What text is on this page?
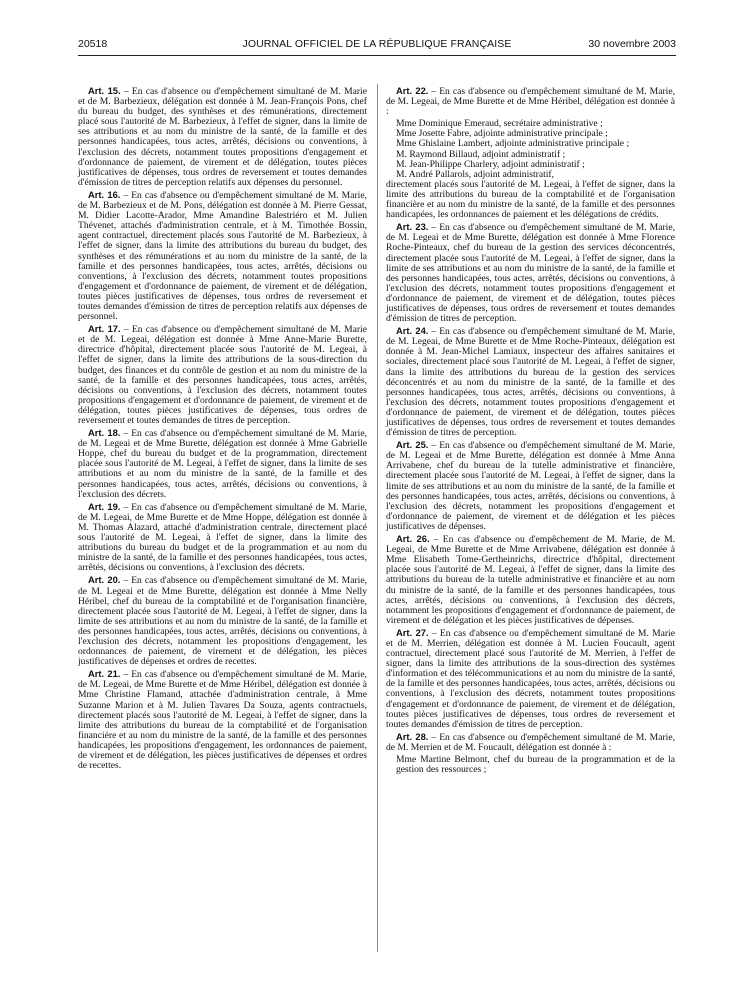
20518	JOURNAL OFFICIEL DE LA RÉPUBLIQUE FRANÇAISE	30 novembre 2003

Art. 15. – En cas d'absence ou d'empêchement simultané de M. Marie et de M. Barbezieux, délégation est donnée à M. Jean-François Pons, chef du bureau du budget, des synthèses et des rémunérations, directement placé sous l'autorité de M. Barbezieux, à l'effet de signer, dans la limite de ses attributions et au nom du ministre de la santé, de la famille et des personnes handicapées, tous actes, arrêtés, décisions ou conventions, à l'exclusion des décrets, notamment toutes propositions d'engagement et d'ordonnance de paiement, de virement et de délégation, toutes pièces justificatives de dépenses, tous ordres de reversement et toutes demandes d'émission de titres de perception relatifs aux dépenses du personnel.

Art. 16. – En cas d'absence ou d'empêchement simultané de M. Marie, de M. Barbezieux et de M. Pons, délégation est donnée à M. Pierre Gessat, M. Didier Lacotte-Arador, Mme Amandine Balestriéro et M. Julien Thévenet, attachés d'administration centrale, et à M. Timothée Bossin, agent contractuel, directement placés sous l'autorité de M. Barbezieux, à l'effet de signer, dans la limite des attributions du bureau du budget, des synthèses et des rémunérations et au nom du ministre de la santé, de la famille et des personnes handicapées, tous actes, arrêtés, décisions ou conventions, à l'exclusion des décrets, notamment toutes propositions d'engagement et d'ordonnance de paiement, de virement et de délégation, toutes pièces justificatives de dépenses, tous ordres de reversement et toutes demandes d'émission de titres de perception relatifs aux dépenses de personnel.

Art. 17. – En cas d'absence ou d'empêchement simultané de M. Marie et de M. Legeai, délégation est donnée à Mme Anne-Marie Burette, directrice d'hôpital, directement placée sous l'autorité de M. Legeai, à l'effet de signer, dans la limite des attributions de la sous-direction du budget, des finances et du contrôle de gestion et au nom du ministre de la santé, de la famille et des personnes handicapées, tous actes, arrêtés, décisions ou conventions, à l'exclusion des décrets, notamment toutes propositions d'engagement et d'ordonnance de paiement, de virement et de délégation, toutes pièces justificatives de dépenses, tous ordres de reversement et toutes demandes de titres de perception.

Art. 18. – En cas d'absence ou d'empêchement simultané de M. Marie, de M. Legeai et de Mme Burette, délégation est donnée à Mme Gabrielle Hoppe, chef du bureau du budget et de la programmation, directement placée sous l'autorité de M. Legeai, à l'effet de signer, dans la limite de ses attributions et au nom du ministre de la santé, de la famille et des personnes handicapées, tous actes, arrêtés, décisions ou conventions, à l'exclusion des décrets.

Art. 19. – En cas d'absence ou d'empêchement simultané de M. Marie, de M. Legeai, de Mme Burette et de Mme Hoppe, délégation est donnée à M. Thomas Alazard, attaché d'administration centrale, directement placé sous l'autorité de M. Legeai, à l'effet de signer, dans la limite des attributions du bureau du budget et de la programmation et au nom du ministre de la santé, de la famille et des personnes handicapées, tous actes, arrêtés, décisions ou conventions, à l'exclusion des décrets.

Art. 20. – En cas d'absence ou d'empêchement simultané de M. Marie, de M. Legeai et de Mme Burette, délégation est donnée à Mme Nelly Héribel, chef du bureau de la comptabilité et de l'organisation financière, directement placée sous l'autorité de M. Legeai, à l'effet de signer, dans la limite de ses attributions et au nom du ministre de la santé, de la famille et des personnes handicapées, tous actes, arrêtés, décisions ou conventions, à l'exclusion des décrets, notamment les propositions d'engagement, les ordonnances de paiement, de virement et de délégation, les pièces justificatives de dépenses et ordres de recettes.

Art. 21. – En cas d'absence ou d'empêchement simultané de M. Marie, de M. Legeai, de Mme Burette et de Mme Héribel, délégation est donnée à Mme Christine Flamand, attachée d'administration centrale, à Mme Suzanne Marion et à M. Julien Tavares Da Souza, agents contractuels, directement placés sous l'autorité de M. Legeai, à l'effet de signer, dans la limite des attributions du bureau de la comptabilité et de l'organisation financière et au nom du ministre de la santé, de la famille et des personnes handicapées, les propositions d'engagement, les ordonnances de paiement, de virement et de délégation, les pièces justificatives de dépenses et ordres de recettes.

Art. 22. – En cas d'absence ou d'empêchement simultané de M. Marie, de M. Legeai, de Mme Burette et de Mme Héribel, délégation est donnée à :

Mme Dominique Emeraud, secrétaire administrative ;

Mme Josette Fabre, adjointe administrative principale ;

Mme Ghislaine Lambert, adjointe administrative principale ;

M. Raymond Billaud, adjoint administratif ;

M. Jean-Philippe Charlery, adjoint administratif ;

M. André Pallarols, adjoint administratif,

directement placés sous l'autorité de M. Legeai, à l'effet de signer, dans la limite des attributions du bureau de la comptabilité et de l'organisation financière et au nom du ministre de la santé, de la famille et des personnes handicapées, les ordonnances de paiement et les délégations de crédits.

Art. 23. – En cas d'absence ou d'empêchement simultané de M. Marie, de M. Legeai et de Mme Burette, délégation est donnée à Mme Florence Roche-Pinteaux, chef du bureau de la gestion des services déconcentrés, directement placée sous l'autorité de M. Legeai, à l'effet de signer, dans la limite de ses attributions et au nom du ministre de la santé, de la famille et des personnes handicapées, tous actes, arrêtés, décisions ou conventions, à l'exclusion des décrets, notamment toutes propositions d'engagement et d'ordonnance de paiement, de virement et de délégation, toutes pièces justificatives de dépenses, tous ordres de reversement et toutes demandes d'émission de titres de perception.

Art. 24. – En cas d'absence ou d'empêchement simultané de M. Marie, de M. Legeai, de Mme Burette et de Mme Roche-Pinteaux, délégation est donnée à M. Jean-Michel Lamiaux, inspecteur des affaires sanitaires et sociales, directement placé sous l'autorité de M. Legeai, à l'effet de signer, dans la limite des attributions du bureau de la gestion des services déconcentrés et au nom du ministre de la santé, de la famille et des personnes handicapées, tous actes, arrêtés, décisions ou conventions, à l'exclusion des décrets, notamment toutes propositions d'engagement et d'ordonnance de paiement, de virement et de délégation, toutes pièces justificatives de dépenses, tous ordres de reversement et toutes demandes d'émission de titres de perception.

Art. 25. – En cas d'absence ou d'empêchement simultané de M. Marie, de M. Legeai et de Mme Burette, délégation est donnée à Mme Anna Arrivabene, chef du bureau de la tutelle administrative et financière, directement placée sous l'autorité de M. Legeai, à l'effet de signer, dans la limite de ses attributions et au nom du ministre de la santé, de la famille et des personnes handicapées, tous actes, arrêtés, décisions ou conventions, à l'exclusion des décrets, notamment les propositions d'engagement et d'ordonnance de paiement, de virement et de délégation et les pièces justificatives de dépenses.

Art. 26. – En cas d'absence ou d'empêchement de M. Marie, de M. Legeai, de Mme Burette et de Mme Arrivabene, délégation est donnée à Mme Elisabeth Tome-Gertheinrichs, directrice d'hôpital, directement placée sous l'autorité de M. Legeai, à l'effet de signer, dans la limite des attributions du bureau de la tutelle administrative et financière et au nom du ministre de la santé, de la famille et des personnes handicapées, tous actes, arrêtés, décisions ou conventions, à l'exclusion des décrets, notamment les propositions d'engagement et d'ordonnance de paiement, de virement et de délégation et les pièces justificatives de dépenses.

Art. 27. – En cas d'absence ou d'empêchement simultané de M. Marie et de M. Merrien, délégation est donnée à M. Lucien Foucault, agent contractuel, directement placé sous l'autorité de M. Merrien, à l'effet de signer, dans la limite des attributions de la sous-direction des systèmes d'information et des télécommunications et au nom du ministre de la santé, de la famille et des personnes handicapées, tous actes, arrêtés, décisions ou conventions, à l'exclusion des décrets, notamment toutes propositions d'engagement et d'ordonnance de paiement, de virement et de délégation, toutes pièces justificatives de dépenses, tous ordres de reversement et toutes demandes d'émission de titres de perception.

Art. 28. – En cas d'absence ou d'empêchement simultané de M. Marie, de M. Merrien et de M. Foucault, délégation est donnée à :

Mme Martine Belmont, chef du bureau de la programmation et de la gestion des ressources ;
